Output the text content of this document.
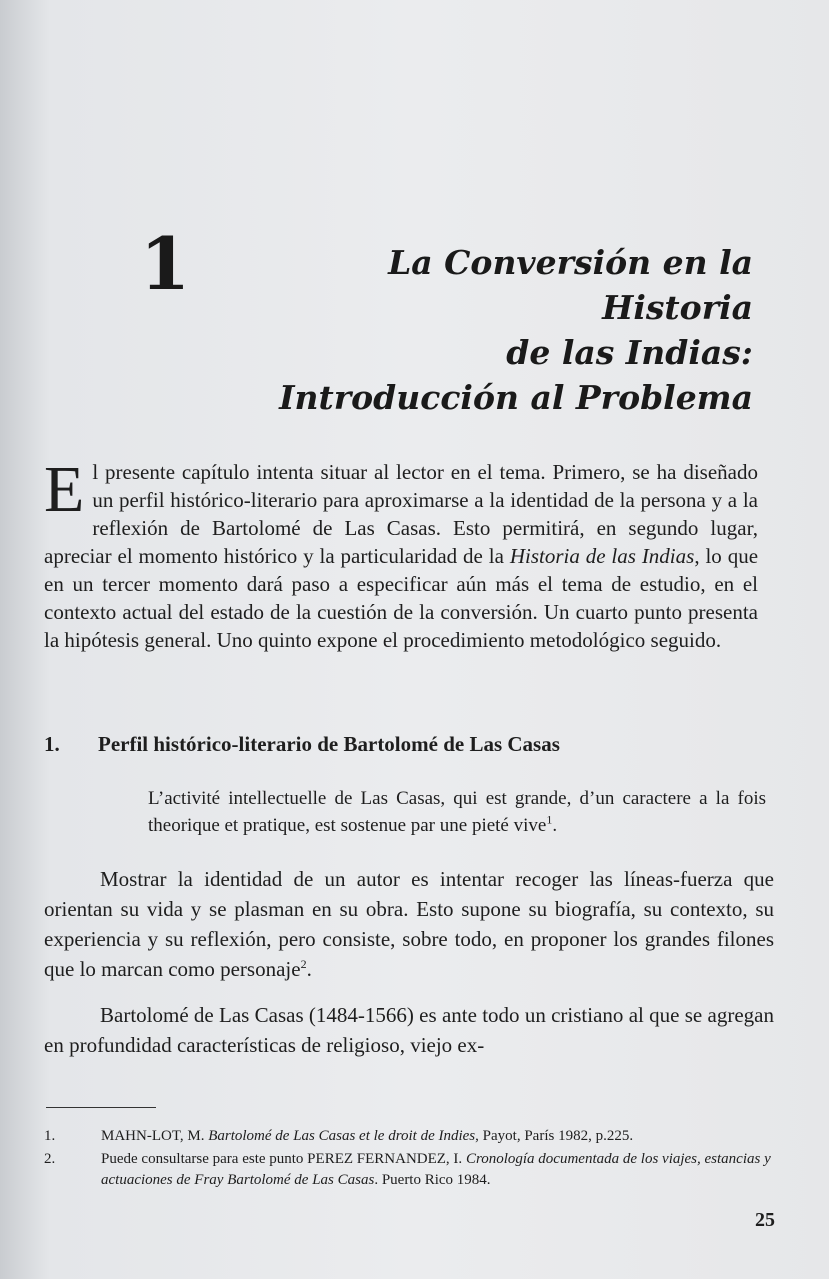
1	La Conversión en la Historia
de las Indias:
Introducción al Problema
El presente capítulo intenta situar al lector en el tema. Primero, se ha diseñado un perfil histórico-literario para aproximarse a la identidad de la persona y a la reflexión de Bartolomé de Las Casas. Esto permitirá, en segundo lugar, apreciar el momento histórico y la particularidad de la Historia de las Indias, lo que en un tercer momento dará paso a especificar aún más el tema de estudio, en el contexto actual del estado de la cuestión de la conversión. Un cuarto punto presenta la hipótesis general. Uno quinto expone el procedimiento metodológico seguido.
1. Perfil histórico-literario de Bartolomé de Las Casas
L’activité intellectuelle de Las Casas, qui est grande, d’un caractere a la fois theorique et pratique, est sostenue par une pieté vive$^1$.
Mostrar la identidad de un autor es intentar recoger las líneas-fuerza que orientan su vida y se plasman en su obra. Esto supone su biografía, su contexto, su experiencia y su reflexión, pero consiste, sobre todo, en proponer los grandes filones que lo marcan como personaje$^2$.
Bartolomé de Las Casas (1484-1566) es ante todo un cristiano al que se agregan en profundidad características de religioso, viejo ex-
1.	MAHN-LOT, M. Bartolomé de Las Casas et le droit de Indies, Payot, París 1982, p.225.
2.	Puede consultarse para este punto PEREZ FERNANDEZ, I. Cronología documentada de los viajes, estancias y actuaciones de Fray Bartolomé de Las Casas. Puerto Rico 1984.
25
